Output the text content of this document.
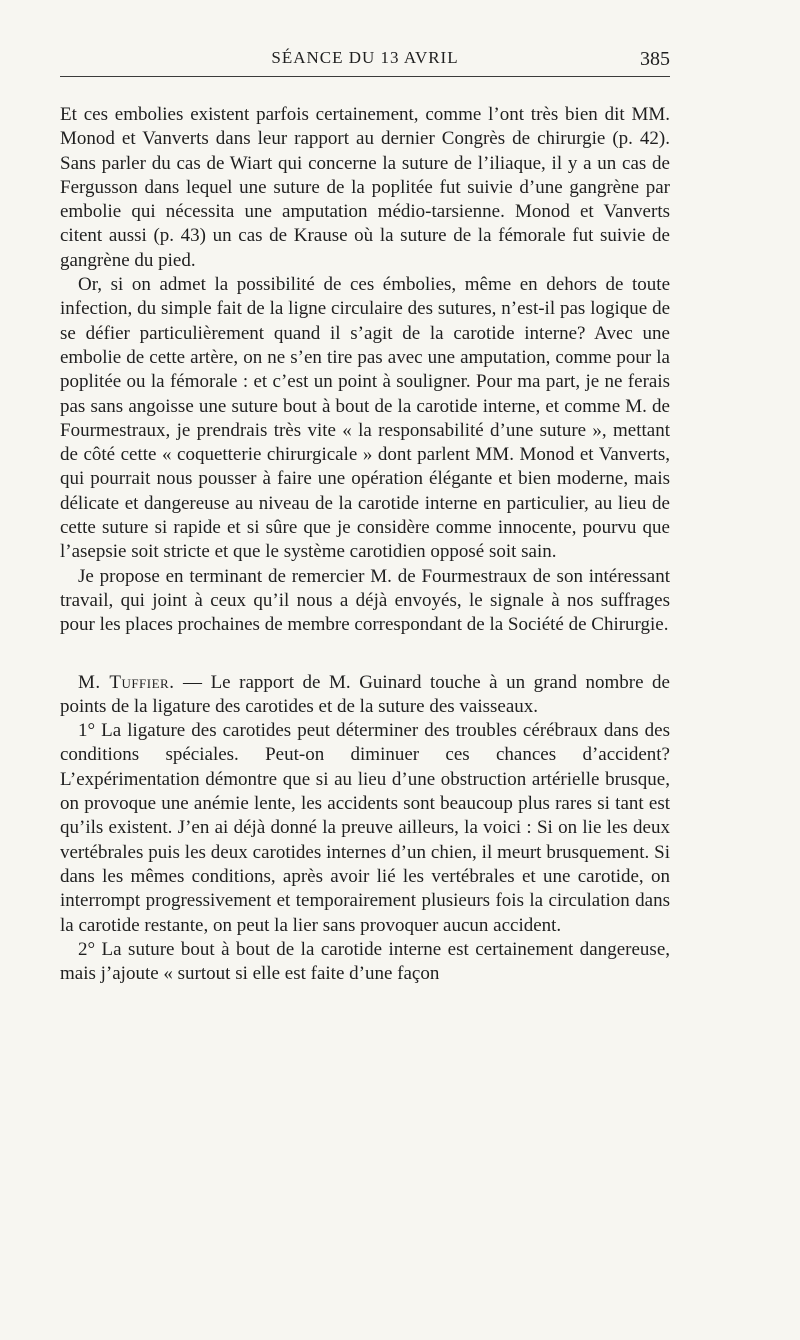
SÉANCE DU 13 AVRIL	385

Et ces embolies existent parfois certainement, comme l’ont très bien dit MM. Monod et Vanverts dans leur rapport au dernier Congrès de chirurgie (p. 42). Sans parler du cas de Wiart qui concerne la suture de l’iliaque, il y a un cas de Fergusson dans lequel une suture de la poplitée fut suivie d’une gangrène par embolie qui nécessita une amputation médio-tarsienne. Monod et Vanverts citent aussi (p. 43) un cas de Krause où la suture de la fémorale fut suivie de gangrène du pied.

Or, si on admet la possibilité de ces émbolies, même en dehors de toute infection, du simple fait de la ligne circulaire des sutures, n’est-il pas logique de se défier particulièrement quand il s’agit de la carotide interne? Avec une embolie de cette artère, on ne s’en tire pas avec une amputation, comme pour la poplitée ou la fémorale : et c’est un point à souligner. Pour ma part, je ne ferais pas sans angoisse une suture bout à bout de la carotide interne, et comme M. de Fourmestraux, je prendrais très vite « la responsabilité d’une suture », mettant de côté cette « coquetterie chirurgicale » dont parlent MM. Monod et Vanverts, qui pourrait nous pousser à faire une opération élégante et bien moderne, mais délicate et dangereuse au niveau de la carotide interne en particulier, au lieu de cette suture si rapide et si sûre que je considère comme innocente, pourvu que l’asepsie soit stricte et que le système carotidien opposé soit sain.

Je propose en terminant de remercier M. de Fourmestraux de son intéressant travail, qui joint à ceux qu’il nous a déjà envoyés, le signale à nos suffrages pour les places prochaines de membre correspondant de la Société de Chirurgie.

M. Tuffier. — Le rapport de M. Guinard touche à un grand nombre de points de la ligature des carotides et de la suture des vaisseaux.

1° La ligature des carotides peut déterminer des troubles cérébraux dans des conditions spéciales. Peut-on diminuer ces chances d’accident? L’expérimentation démontre que si au lieu d’une obstruction artérielle brusque, on provoque une anémie lente, les accidents sont beaucoup plus rares si tant est qu’ils existent. J’en ai déjà donné la preuve ailleurs, la voici : Si on lie les deux vertébrales puis les deux carotides internes d’un chien, il meurt brusquement. Si dans les mêmes conditions, après avoir lié les vertébrales et une carotide, on interrompt progressivement et temporairement plusieurs fois la circulation dans la carotide restante, on peut la lier sans provoquer aucun accident.

2° La suture bout à bout de la carotide interne est certainement dangereuse, mais j’ajoute « surtout si elle est faite d’une façon
